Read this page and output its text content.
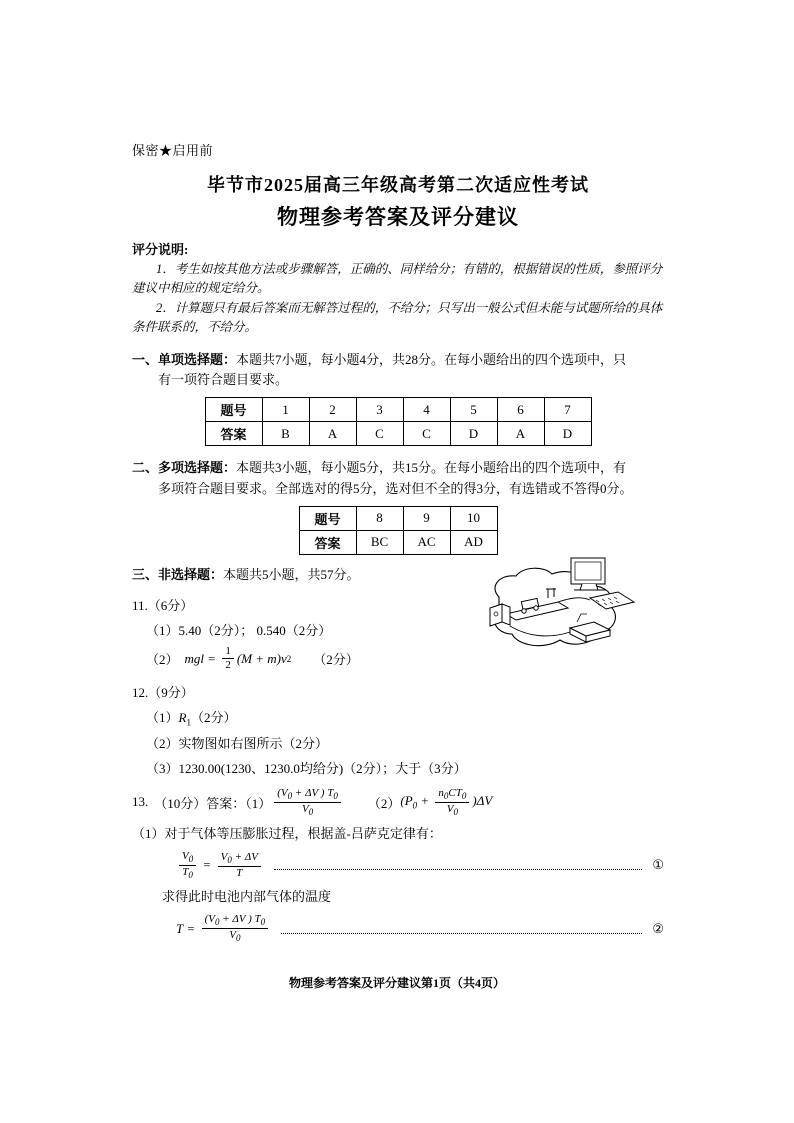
保密★启用前
毕节市2025届高三年级高考第二次适应性考试
物理参考答案及评分建议
评分说明:
1．考生如按其他方法或步骤解答，正确的、同样给分；有错的，根据错误的性质，参照评分建议中相应的规定给分。
2．计算题只有最后答案而无解答过程的，不给分；只写出一般公式但未能与试题所给的具体条件联系的，不给分。
一、单项选择题：本题共7小题，每小题4分，共28分。在每小题给出的四个选项中，只
有一项符合题目要求。
题号	1	2	3	4	5	6	7
答案	B	A	C	C	D	A	D
二、多项选择题：本题共3小题，每小题5分，共15分。在每小题给出的四个选项中，有
多项符合题目要求。全部选对的得5分，选对但不全的得3分，有选错或不答得0分。
题号	8	9	10
答案	BC	AC	AD
三、非选择题：本题共5小题，共57分。
11.（6分）
（1）5.40（2分）； 0.540（2分）
（2） mgl = $\frac{1}{2} (M + m)v$ 2 （2分）
12.（9分）
$(1)R_1(2$分）
（2）实物图如右图所示（2分）
（3）1230.00(1230、1230.0均给分)（2分）；大于（3分）
13. （10分）答案：$(1) \frac{(V_0 + \Delta V ) T_0}{V_0} (2) (P_0 + \frac{n_0CT_0}{V_0} )\Delta V$
（1）对于气体等压膨胀过程，根据盖-吕萨克定律有：
$\frac{V_0}{T_0} = \frac{V_0 + \Delta V}{T}$	①
求得此时电池内部气体的温度
$T = \frac{(V_0 + \Delta V ) T_0}{V_0}$	②
物理参考答案及评分建议第1页（共4页）
